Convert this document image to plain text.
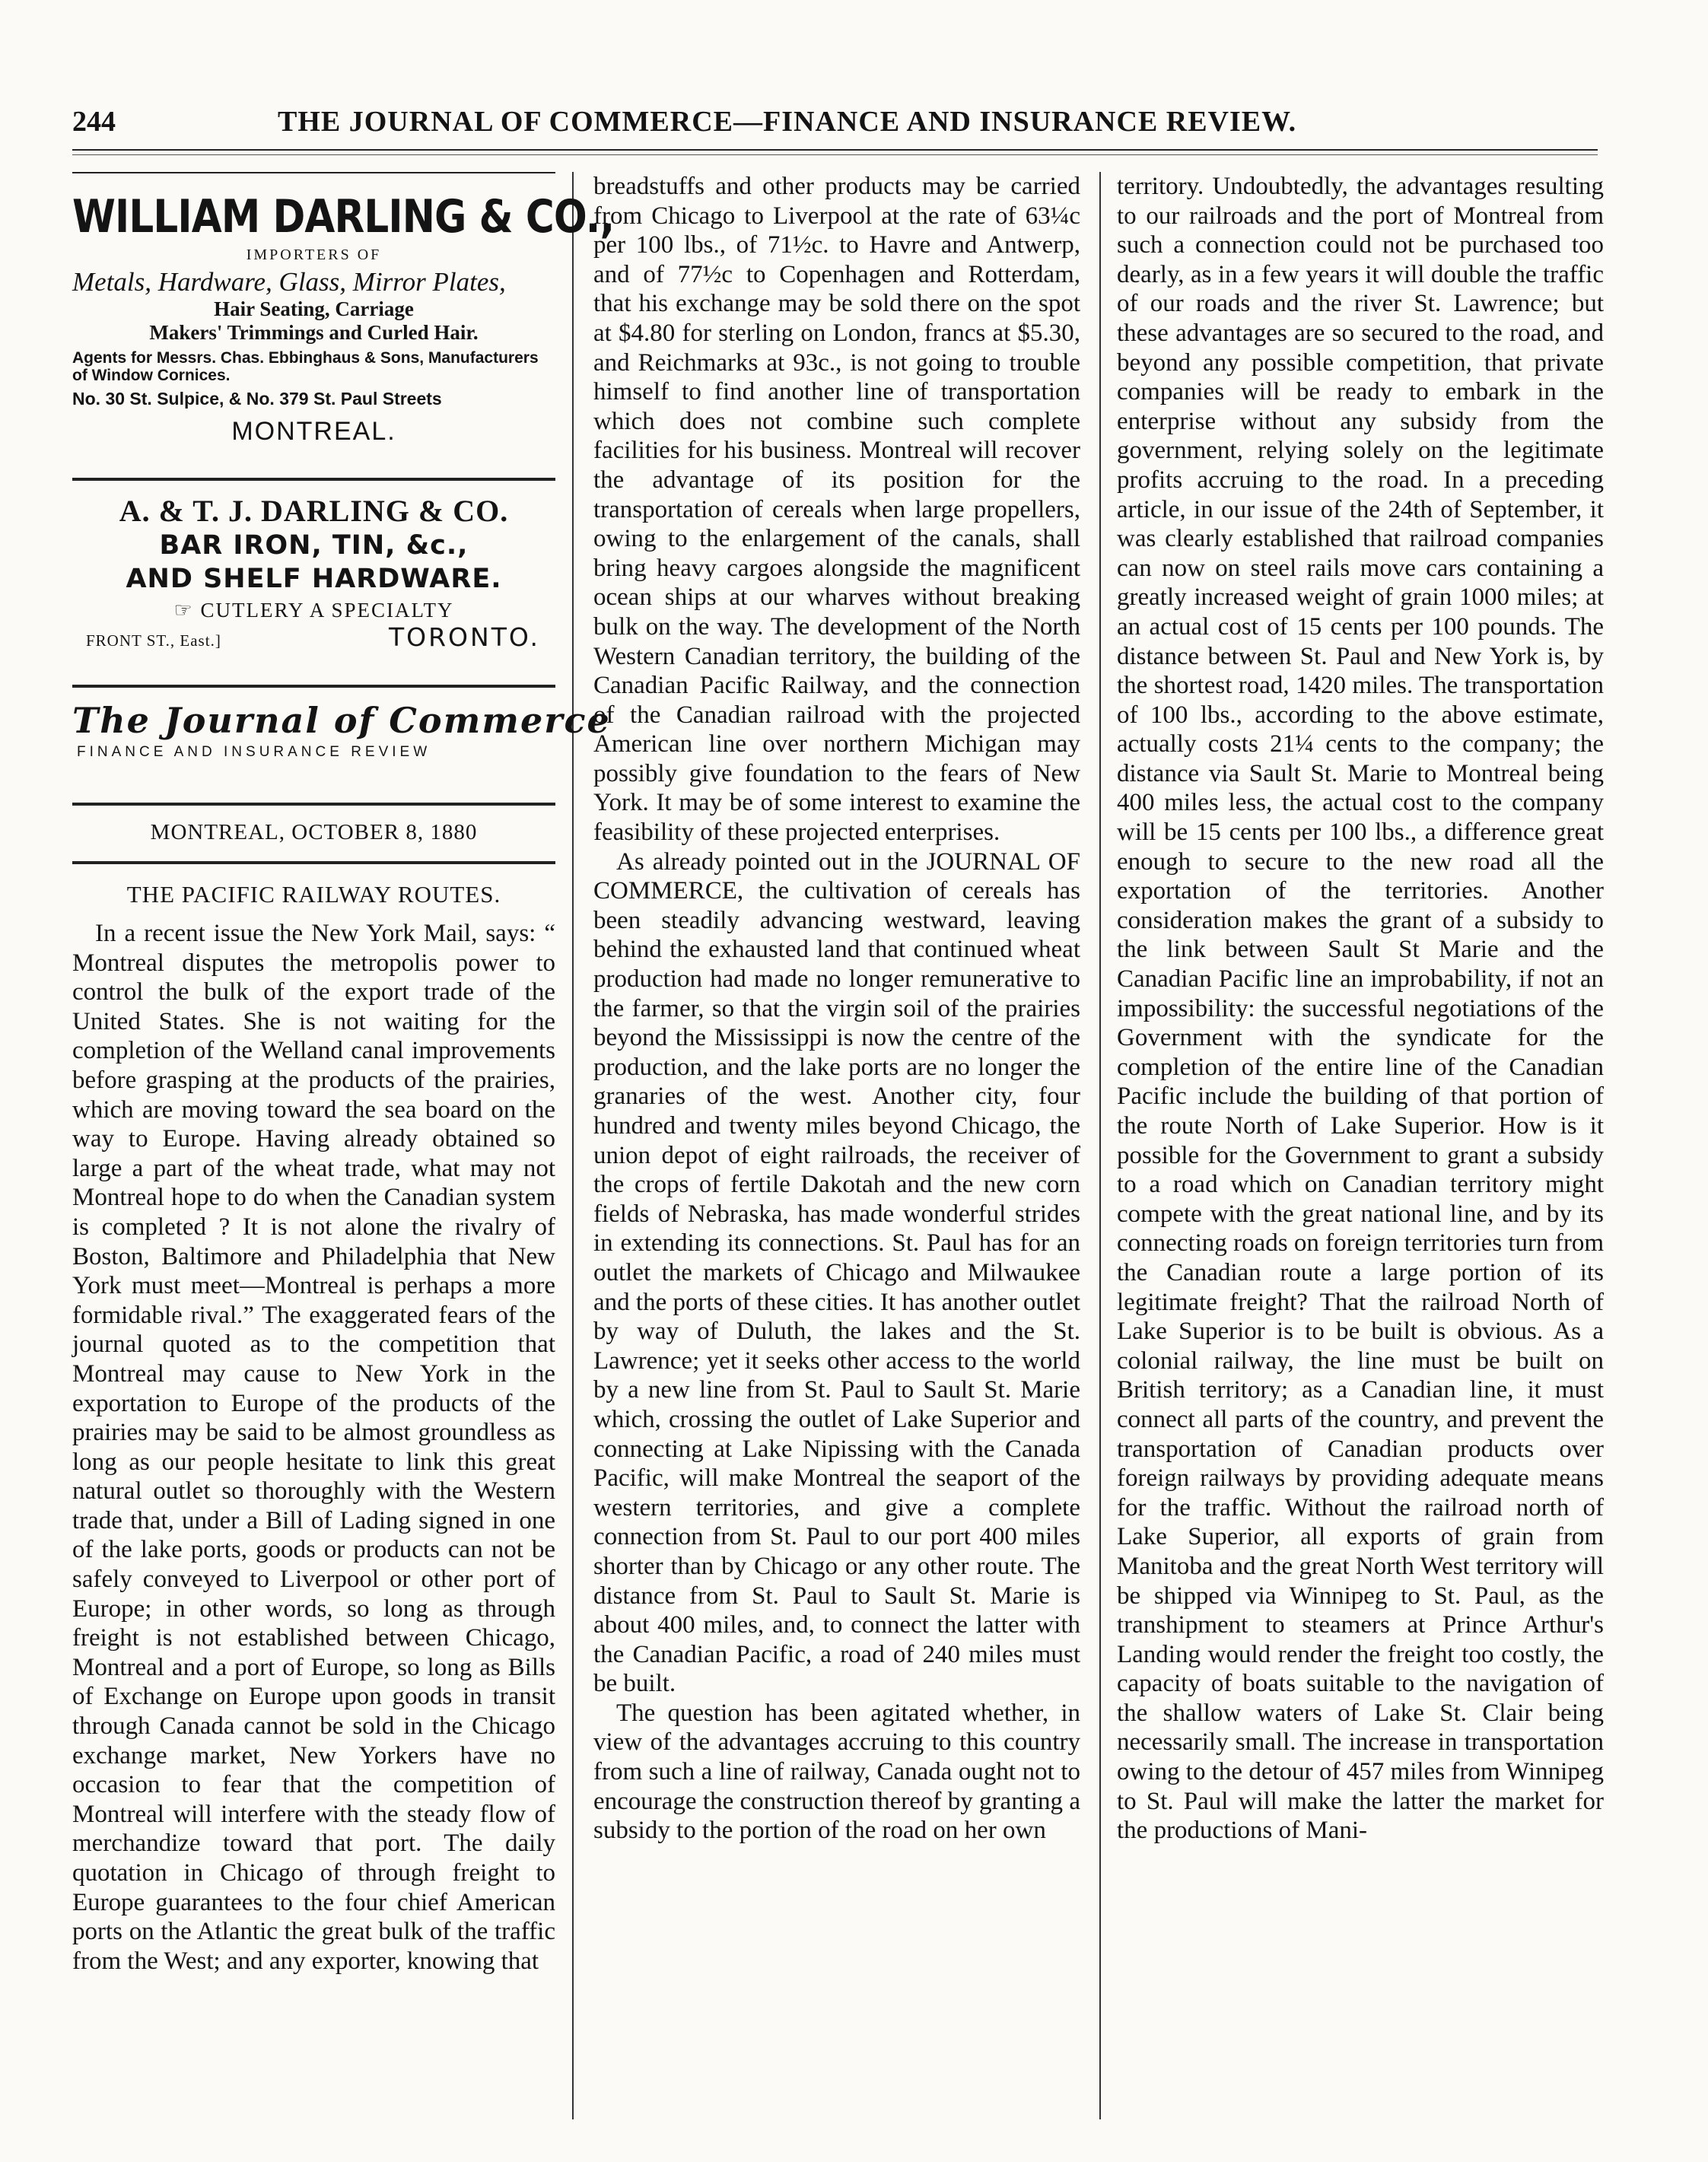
244	THE JOURNAL OF COMMERCE—FINANCE AND INSURANCE REVIEW.
WILLIAM DARLING & CO.,
IMPORTERS OF
Metals, Hardware, Glass, Mirror Plates,
Hair Seating, Carriage
Makers' Trimmings and Curled Hair.
Agents for Messrs. Chas. Ebbinghaus & Sons, Manufacturers of Window Cornices.
No. 30 St. Sulpice, & No. 379 St. Paul Streets
MONTREAL.
A. & T. J. DARLING & CO.
BAR IRON, TIN, &c.,
AND SHELF HARDWARE.
☞ CUTLERY A SPECIALTY
FRONT ST., East.]	TORONTO.
The Journal of Commerce
FINANCE AND INSURANCE REVIEW
MONTREAL, OCTOBER 8, 1880
THE PACIFIC RAILWAY ROUTES.

In a recent issue the New York Mail, says: “ Montreal disputes the metropolis power to control the bulk of the export trade of the United States. She is not waiting for the completion of the Welland canal improvements before grasping at the products of the prairies, which are moving toward the sea board on the way to Europe. Having already obtained so large a part of the wheat trade, what may not Montreal hope to do when the Canadian system is completed ? It is not alone the rivalry of Boston, Baltimore and Philadelphia that New York must meet—Montreal is perhaps a more formidable rival.” The exaggerated fears of the journal quoted as to the competition that Montreal may cause to New York in the exportation to Europe of the products of the prairies may be said to be almost groundless as long as our people hesitate to link this great natural outlet so thoroughly with the Western trade that, under a Bill of Lading signed in one of the lake ports, goods or products can not be safely conveyed to Liverpool or other port of Europe; in other words, so long as through freight is not established between Chicago, Montreal and a port of Europe, so long as Bills of Exchange on Europe upon goods in transit through Canada cannot be sold in the Chicago exchange market, New Yorkers have no occasion to fear that the competition of Montreal will interfere with the steady flow of merchandize toward that port. The daily quotation in Chicago of through freight to Europe guarantees to the four chief American ports on the Atlantic the great bulk of the traffic from the West; and any exporter, knowing that

breadstuffs and other products may be carried from Chicago to Liverpool at the rate of 63¼c per 100 lbs., of 71½c. to Havre and Antwerp, and of 77½c to Copenhagen and Rotterdam, that his exchange may be sold there on the spot at $4.80 for sterling on London, francs at $5.30, and Reichmarks at 93c., is not going to trouble himself to find another line of transportation which does not combine such complete facilities for his business. Montreal will recover the advantage of its position for the transportation of cereals when large propellers, owing to the enlargement of the canals, shall bring heavy cargoes alongside the magnificent ocean ships at our wharves without breaking bulk on the way. The development of the North Western Canadian territory, the building of the Canadian Pacific Railway, and the connection of the Canadian railroad with the projected American line over northern Michigan may possibly give foundation to the fears of New York. It may be of some interest to examine the feasibility of these projected enterprises.

As already pointed out in the JOURNAL OF COMMERCE, the cultivation of cereals has been steadily advancing westward, leaving behind the exhausted land that continued wheat production had made no longer remunerative to the farmer, so that the virgin soil of the prairies beyond the Mississippi is now the centre of the production, and the lake ports are no longer the granaries of the west. Another city, four hundred and twenty miles beyond Chicago, the union depot of eight railroads, the receiver of the crops of fertile Dakotah and the new corn fields of Nebraska, has made wonderful strides in extending its connections. St. Paul has for an outlet the markets of Chicago and Milwaukee and the ports of these cities. It has another outlet by way of Duluth, the lakes and the St. Lawrence; yet it seeks other access to the world by a new line from St. Paul to Sault St. Marie which, crossing the outlet of Lake Superior and connecting at Lake Nipissing with the Canada Pacific, will make Montreal the seaport of the western territories, and give a complete connection from St. Paul to our port 400 miles shorter than by Chicago or any other route. The distance from St. Paul to Sault St. Marie is about 400 miles, and, to connect the latter with the Canadian Pacific, a road of 240 miles must be built.

The question has been agitated whether, in view of the advantages accruing to this country from such a line of railway, Canada ought not to encourage the construction thereof by granting a subsidy to the portion of the road on her own

territory. Undoubtedly, the advantages resulting to our railroads and the port of Montreal from such a connection could not be purchased too dearly, as in a few years it will double the traffic of our roads and the river St. Lawrence; but these advantages are so secured to the road, and beyond any possible competition, that private companies will be ready to embark in the enterprise without any subsidy from the government, relying solely on the legitimate profits accruing to the road. In a preceding article, in our issue of the 24th of September, it was clearly established that railroad companies can now on steel rails move cars containing a greatly increased weight of grain 1000 miles; at an actual cost of 15 cents per 100 pounds. The distance between St. Paul and New York is, by the shortest road, 1420 miles. The transportation of 100 lbs., according to the above estimate, actually costs 21¼ cents to the company; the distance via Sault St. Marie to Montreal being 400 miles less, the actual cost to the company will be 15 cents per 100 lbs., a difference great enough to secure to the new road all the exportation of the territories. Another consideration makes the grant of a subsidy to the link between Sault St Marie and the Canadian Pacific line an improbability, if not an impossibility: the successful negotiations of the Government with the syndicate for the completion of the entire line of the Canadian Pacific include the building of that portion of the route North of Lake Superior. How is it possible for the Government to grant a subsidy to a road which on Canadian territory might compete with the great national line, and by its connecting roads on foreign territories turn from the Canadian route a large portion of its legitimate freight? That the railroad North of Lake Superior is to be built is obvious. As a colonial railway, the line must be built on British territory; as a Canadian line, it must connect all parts of the country, and prevent the transportation of Canadian products over foreign railways by providing adequate means for the traffic. Without the railroad north of Lake Superior, all exports of grain from Manitoba and the great North West territory will be shipped via Winnipeg to St. Paul, as the transhipment to steamers at Prince Arthur's Landing would render the freight too costly, the capacity of boats suitable to the navigation of the shallow waters of Lake St. Clair being necessarily small. The increase in transportation owing to the detour of 457 miles from Winnipeg to St. Paul will make the latter the market for the productions of Mani-
